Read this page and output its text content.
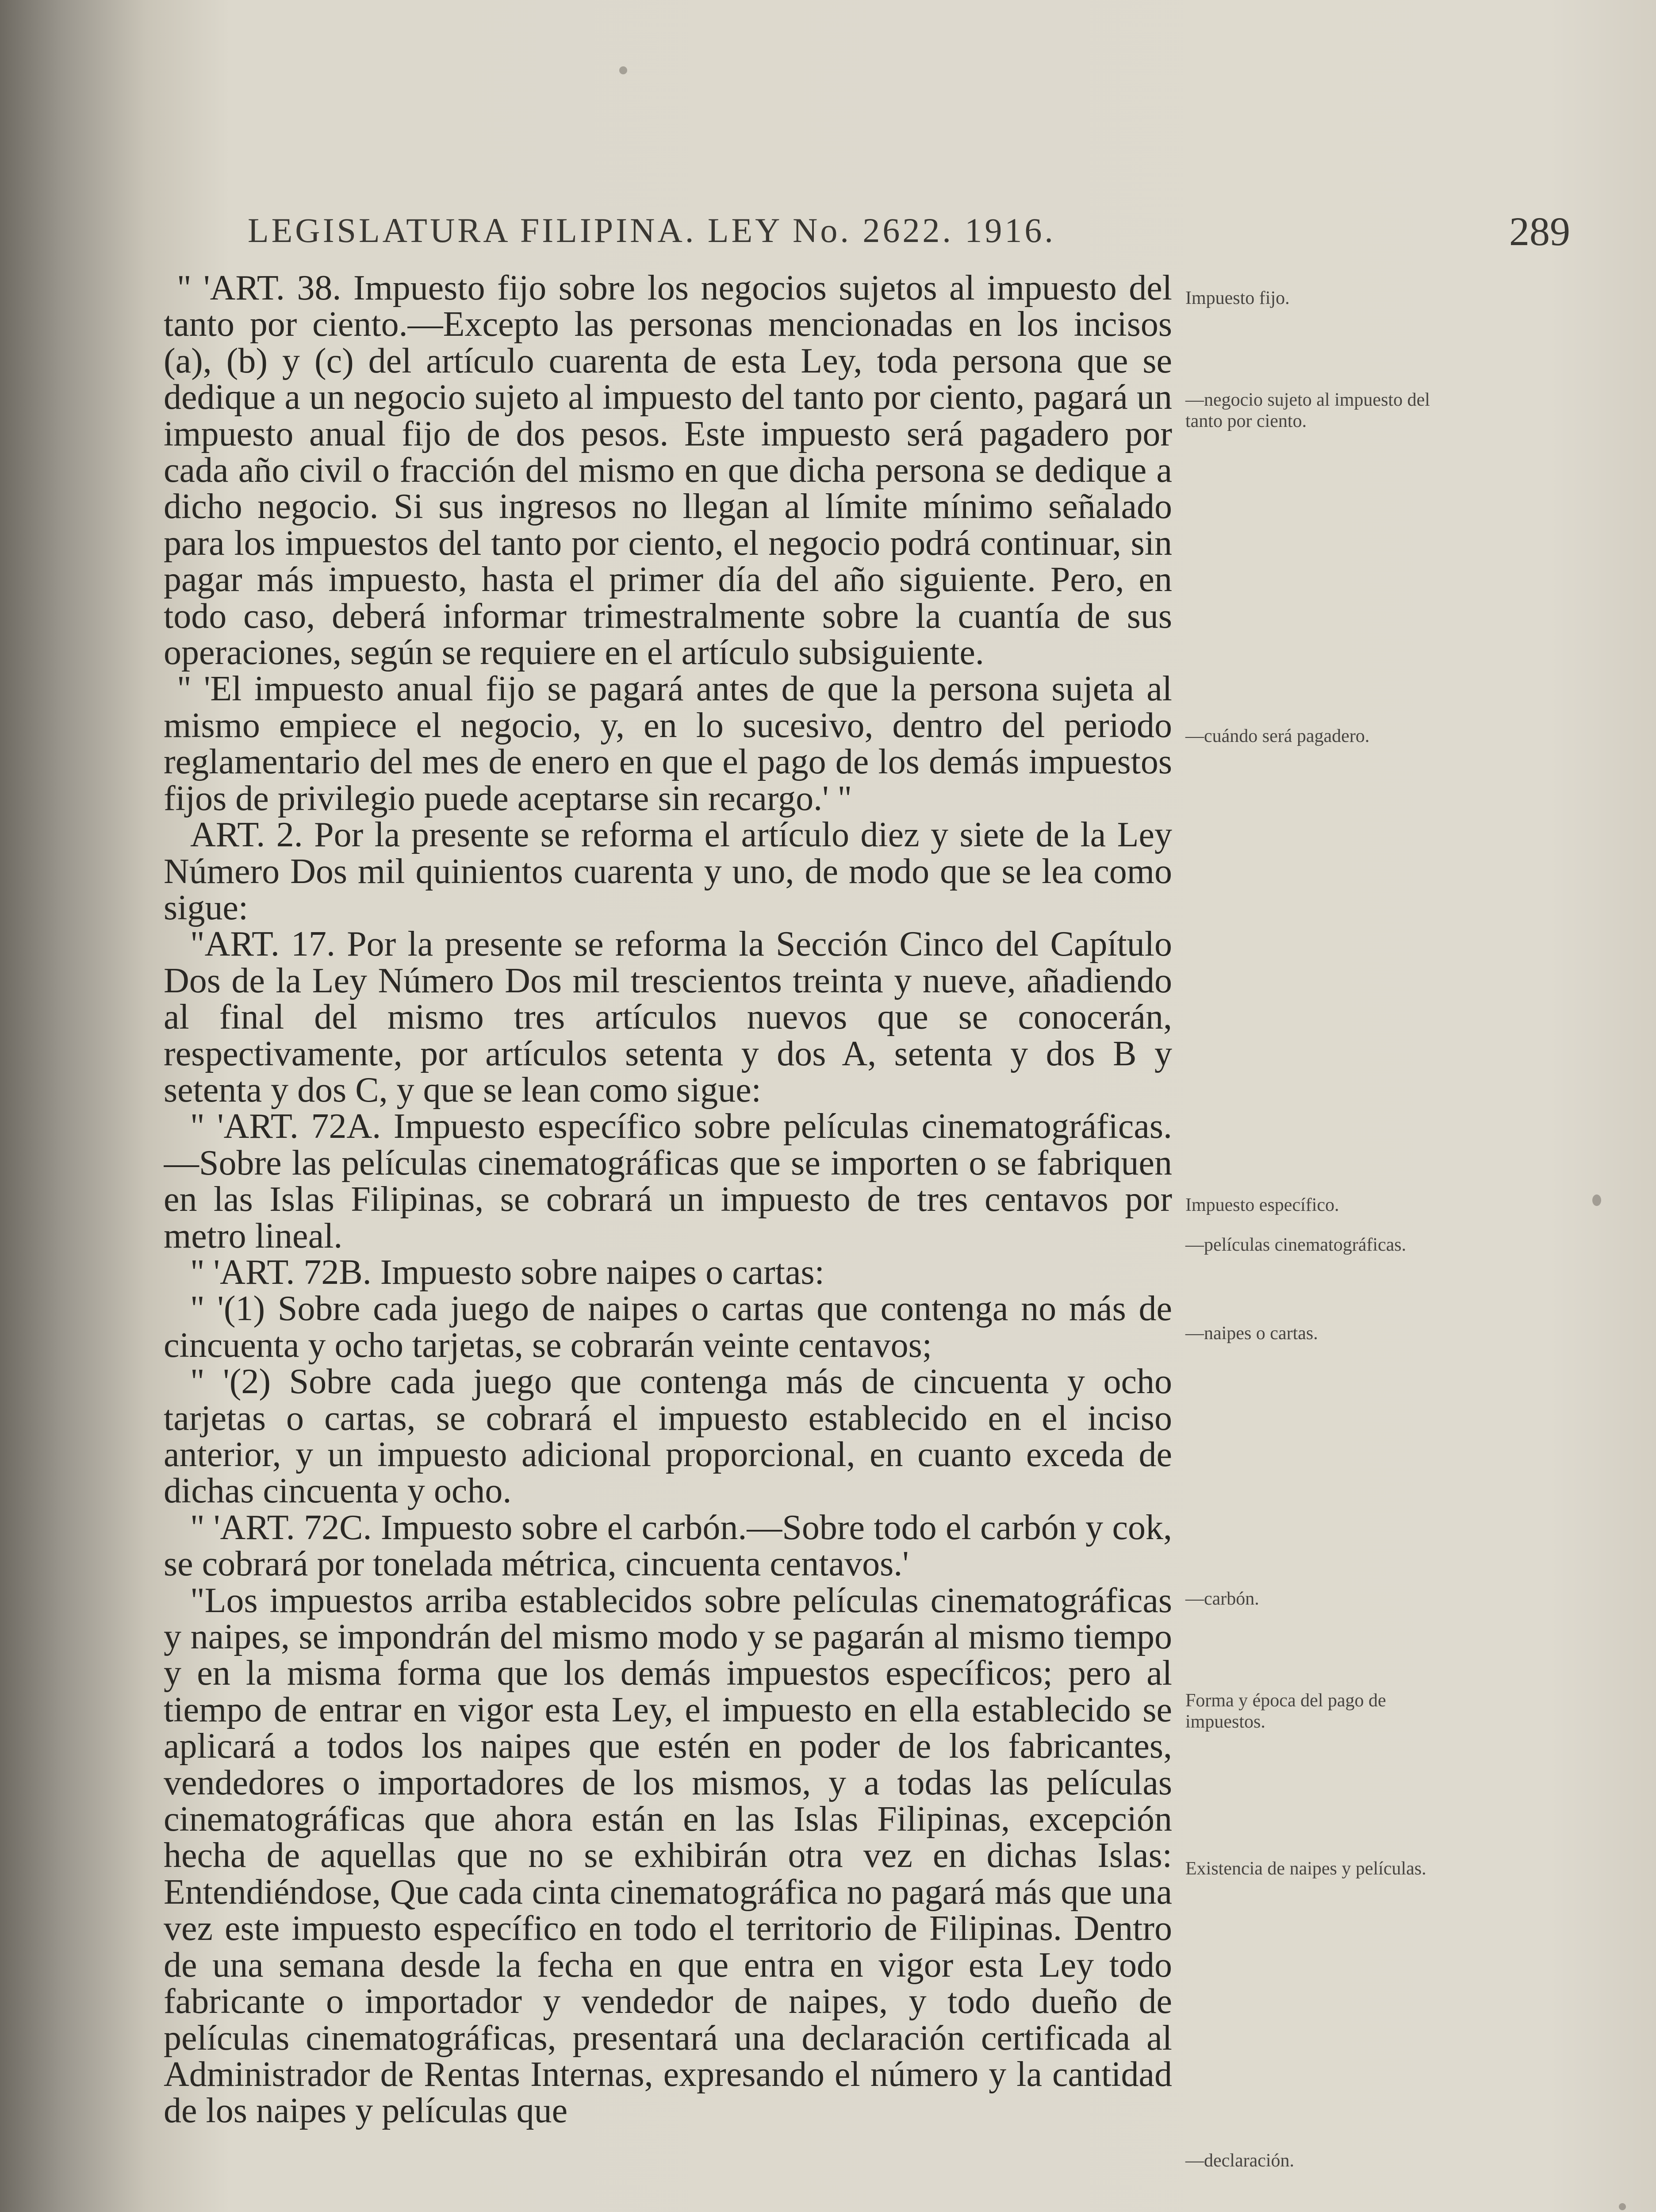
LEGISLATURA FILIPINA. LEY No. 2622. 1916.	289

" 'ART. 38. Impuesto fijo sobre los negocios sujetos al impuesto del tanto por ciento.—Excepto las personas mencionadas en los incisos (a), (b) y (c) del artículo cuarenta de esta Ley, toda persona que se dedique a un negocio sujeto al impuesto del tanto por ciento, pagará un impuesto anual fijo de dos pesos. Este impuesto será pagadero por cada año civil o fracción del mismo en que dicha persona se dedique a dicho negocio. Si sus ingresos no llegan al límite mínimo señalado para los impuestos del tanto por ciento, el negocio podrá continuar, sin pagar más impuesto, hasta el primer día del año siguiente. Pero, en todo caso, deberá informar trimestralmente sobre la cuantía de sus operaciones, según se requiere en el artículo subsiguiente.

" 'El impuesto anual fijo se pagará antes de que la persona sujeta al mismo empiece el negocio, y, en lo sucesivo, dentro del periodo reglamentario del mes de enero en que el pago de los demás impuestos fijos de privilegio puede aceptarse sin recargo.' "

ART. 2. Por la presente se reforma el artículo diez y siete de la Ley Número Dos mil quinientos cuarenta y uno, de modo que se lea como sigue:

"ART. 17. Por la presente se reforma la Sección Cinco del Capítulo Dos de la Ley Número Dos mil trescientos treinta y nueve, añadiendo al final del mismo tres artículos nuevos que se conocerán, respectivamente, por artículos setenta y dos A, setenta y dos B y setenta y dos C, y que se lean como sigue:

" 'ART. 72A. Impuesto específico sobre películas cinematográficas.—Sobre las películas cinematográficas que se importen o se fabriquen en las Islas Filipinas, se cobrará un impuesto de tres centavos por metro lineal.

" 'ART. 72B. Impuesto sobre naipes o cartas:

" '(1) Sobre cada juego de naipes o cartas que contenga no más de cincuenta y ocho tarjetas, se cobrarán veinte centavos;

" '(2) Sobre cada juego que contenga más de cincuenta y ocho tarjetas o cartas, se cobrará el impuesto establecido en el inciso anterior, y un impuesto adicional proporcional, en cuanto exceda de dichas cincuenta y ocho.

" 'ART. 72C. Impuesto sobre el carbón.—Sobre todo el carbón y cok, se cobrará por tonelada métrica, cincuenta centavos.'

"Los impuestos arriba establecidos sobre películas cinematográficas y naipes, se impondrán del mismo modo y se pagarán al mismo tiempo y en la misma forma que los demás impuestos específicos; pero al tiempo de entrar en vigor esta Ley, el impuesto en ella establecido se aplicará a todos los naipes que estén en poder de los fabricantes, vendedores o importadores de los mismos, y a todas las películas cinematográficas que ahora están en las Islas Filipinas, excepción hecha de aquellas que no se exhibirán otra vez en dichas Islas: Entendiéndose, Que cada cinta cinematográfica no pagará más que una vez este impuesto específico en todo el territorio de Filipinas. Dentro de una semana desde la fecha en que entra en vigor esta Ley todo fabricante o importador y vendedor de naipes, y todo dueño de películas cinematográficas, presentará una declaración certificada al Administrador de Rentas Internas, expresando el número y la cantidad de los naipes y películas que

Impuesto fijo.
—negocio sujeto al impuesto del tanto por ciento.
—cuándo será pagadero.
Impuesto específico.
—películas cinematográficas.
—naipes o cartas.
—carbón.
Forma y época del pago de impuestos.
Existencia de naipes y películas.
—declaración.
